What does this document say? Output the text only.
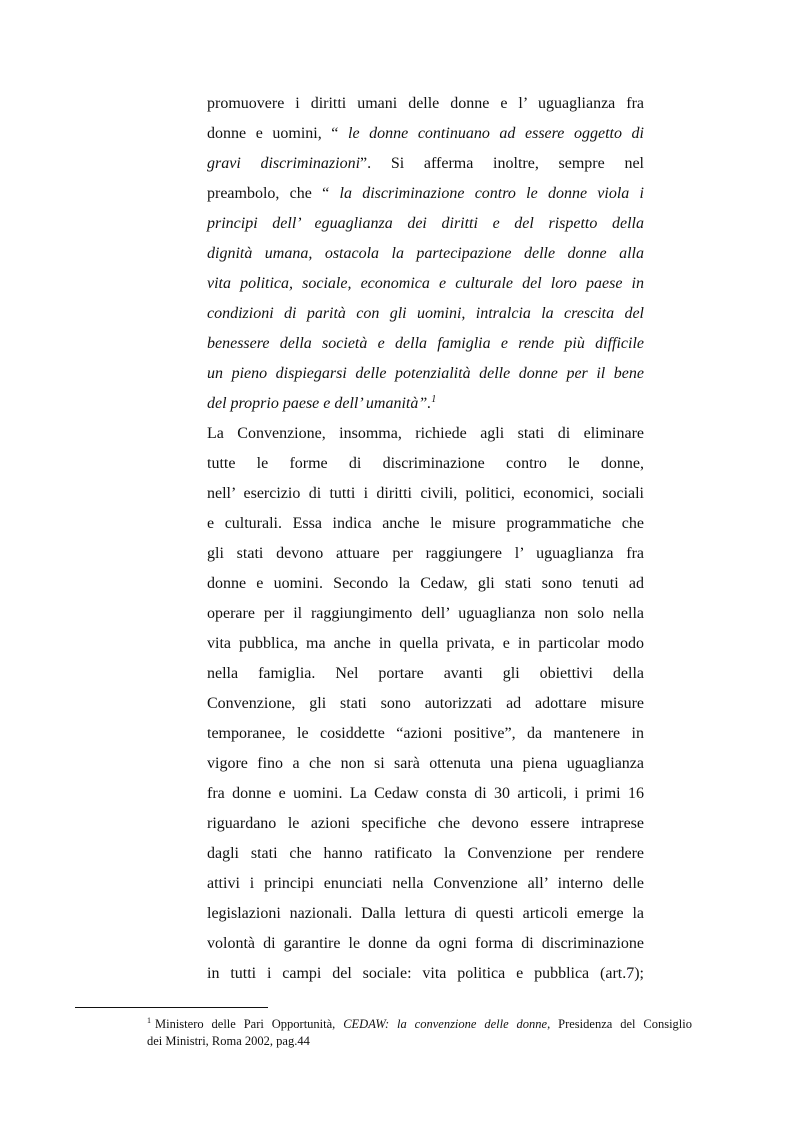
promuovere i diritti umani delle donne e l’ uguaglianza fra
donne e uomini, “ le donne continuano ad essere oggetto di
gravi discriminazioni”. Si afferma inoltre, sempre nel
preambolo, che “ la discriminazione contro le donne viola i
principi dell’ eguaglianza dei diritti e del rispetto della
dignità umana, ostacola la partecipazione delle donne alla
vita politica, sociale, economica e culturale del loro paese in
condizioni di parità con gli uomini, intralcia la crescita del
benessere della società e della famiglia e rende più difficile
un pieno dispiegarsi delle potenzialità delle donne per il bene
del proprio paese e dell’ umanità”.$^1$
La Convenzione, insomma, richiede agli stati di eliminare
tutte le forme di discriminazione contro le donne,
nell’ esercizio di tutti i diritti civili, politici, economici, sociali
e culturali. Essa indica anche le misure programmatiche che
gli stati devono attuare per raggiungere l’ uguaglianza fra
donne e uomini. Secondo la Cedaw, gli stati sono tenuti ad
operare per il raggiungimento dell’ uguaglianza non solo nella
vita pubblica, ma anche in quella privata, e in particolar modo
nella famiglia. Nel portare avanti gli obiettivi della
Convenzione, gli stati sono autorizzati ad adottare misure
temporanee, le cosiddette “azioni positive”, da mantenere in
vigore fino a che non si sarà ottenuta una piena uguaglianza
fra donne e uomini. La Cedaw consta di 30 articoli, i primi 16
riguardano le azioni specifiche che devono essere intraprese
dagli stati che hanno ratificato la Convenzione per rendere
attivi i principi enunciati nella Convenzione all’ interno delle
legislazioni nazionali. Dalla lettura di questi articoli emerge la
volontà di garantire le donne da ogni forma di discriminazione
in tutti i campi del sociale: vita politica e pubblica (art.7);
$^1$ Ministero delle Pari Opportunità, CEDAW: la convenzione delle donne, Presidenza del Consiglio
dei Ministri, Roma 2002, pag.44
